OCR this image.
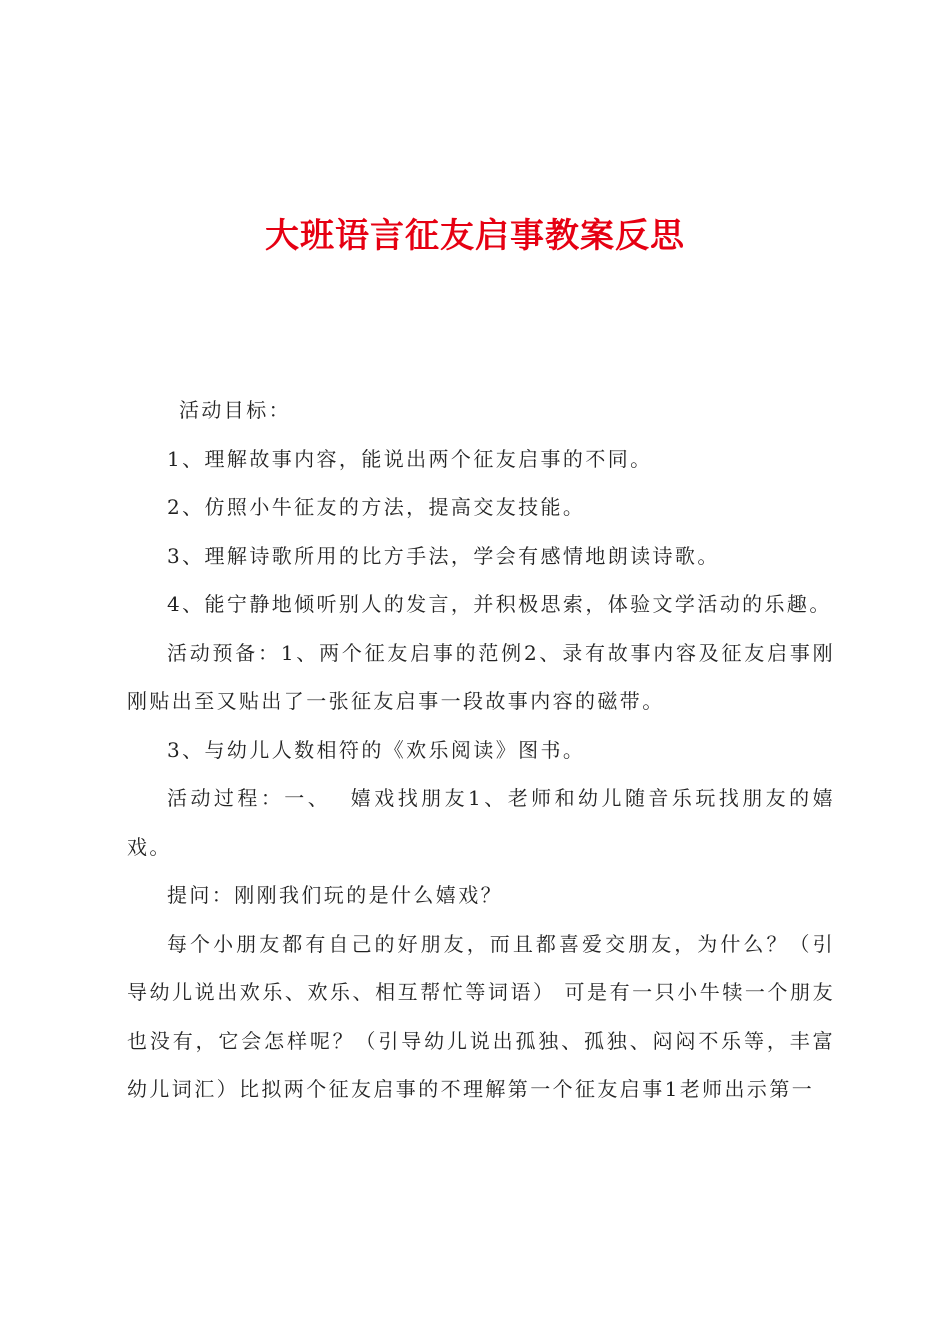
大班语言征友启事教案反思

活动目标：

1、理解故事内容，能说出两个征友启事的不同。

2、仿照小牛征友的方法，提高交友技能。

3、理解诗歌所用的比方手法，学会有感情地朗读诗歌。

4、能宁静地倾听别人的发言，并积极思索，体验文学活动的乐趣。

活动预备：1、两个征友启事的范例2、录有故事内容及征友启事刚刚贴出至又贴出了一张征友启事一段故事内容的磁带。

3、与幼儿人数相符的《欢乐阅读》图书。

活动过程：一、  嬉戏找朋友1、老师和幼儿随音乐玩找朋友的嬉戏。

提问：刚刚我们玩的是什么嬉戏？

每个小朋友都有自己的好朋友，而且都喜爱交朋友，为什么？（引导幼儿说出欢乐、欢乐、相互帮忙等词语） 可是有一只小牛犊一个朋友也没有，它会怎样呢？（引导幼儿说出孤独、孤独、闷闷不乐等，丰富幼儿词汇）比拟两个征友启事的不理解第一个征友启事1老师出示第一
